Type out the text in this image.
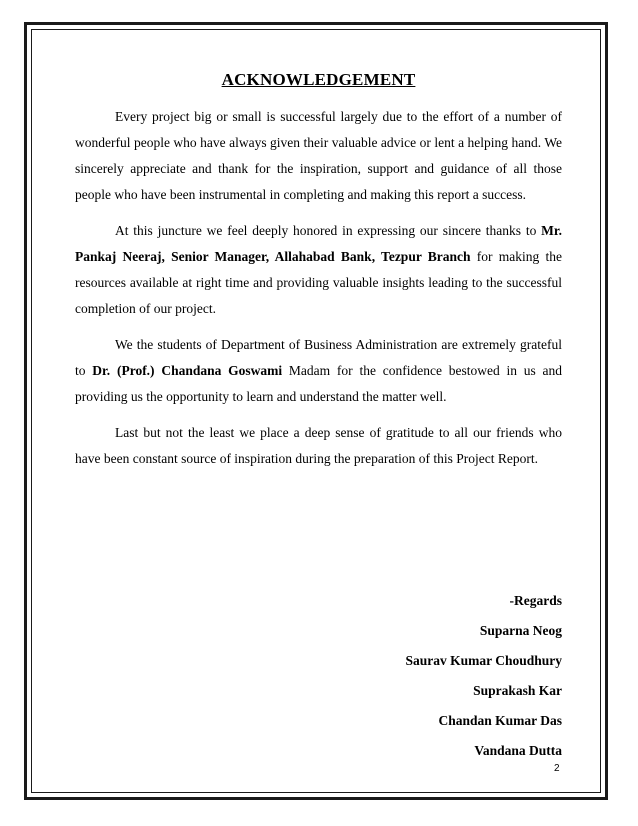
ACKNOWLEDGEMENT

Every project big or small is successful largely due to the effort of a number of wonderful people who have always given their valuable advice or lent a helping hand. We sincerely appreciate and thank for the inspiration, support and guidance of all those people who have been instrumental in completing and making this report a success.

At this juncture we feel deeply honored in expressing our sincere thanks to Mr. Pankaj Neeraj, Senior Manager, Allahabad Bank, Tezpur Branch for making the resources available at right time and providing valuable insights leading to the successful completion of our project.

We the students of Department of Business Administration are extremely grateful to Dr. (Prof.) Chandana Goswami Madam for the confidence bestowed in us and providing us the opportunity to learn and understand the matter well.

Last but not the least we place a deep sense of gratitude to all our friends who have been constant source of inspiration during the preparation of this Project Report.

-Regards
Suparna Neog
Saurav Kumar Choudhury
Suprakash Kar
Chandan Kumar Das
Vandana Dutta
2
